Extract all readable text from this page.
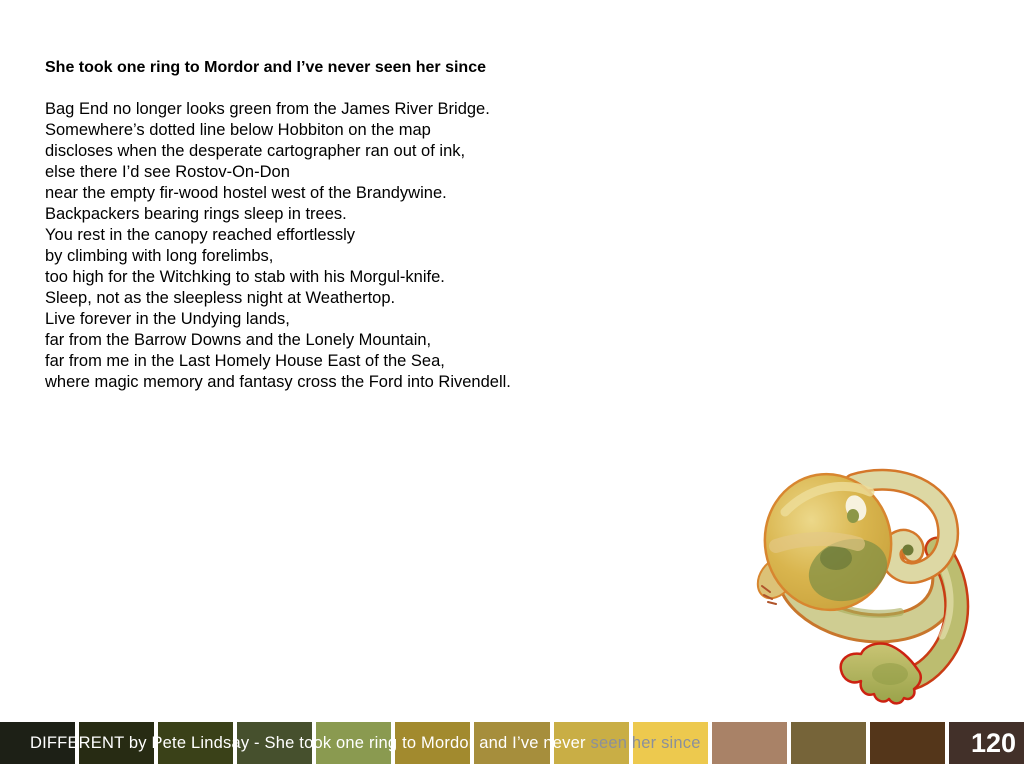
She took one ring to Mordor and I’ve never seen her since
Bag End no longer looks green from the James River Bridge.
Somewhere’s dotted line below Hobbiton on the map
discloses when the desperate cartographer ran out of ink,
else there I’d see Rostov-On-Don
near the empty fir-wood hostel west of the Brandywine.
Backpackers bearing rings sleep in trees.
You rest in the canopy reached effortlessly
by climbing with long forelimbs,
too high for the Witchking to stab with his Morgul-knife.
Sleep, not as the sleepless night at Weathertop.
Live forever in the Undying lands,
far from the Barrow Downs and the Lonely Mountain,
far from me in the Last Homely House East of the Sea,
where magic memory and fantasy cross the Ford into Rivendell.
DIFFERENT by Pete Lindsay - She took one ring to Mordor and I’ve never seen her since	120
